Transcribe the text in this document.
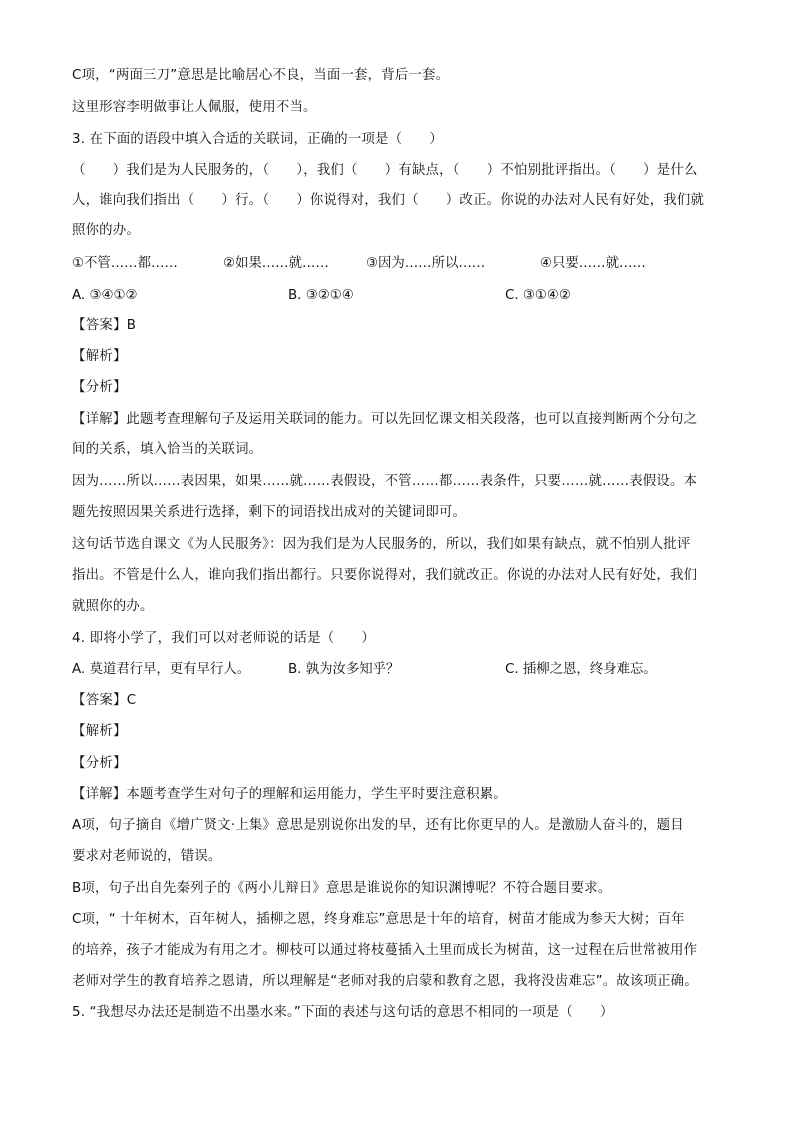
C项，“两面三刀”意思是比喻居心不良，当面一套，背后一套。
这里形容李明做事让人佩服，使用不当。
3. 在下面的语段中填入合适的关联词，正确的一项是（　　）
（　　）我们是为人民服务的，（　　），我们（　　）有缺点，（　　）不怕别批评指出。（　　）是什么
人，谁向我们指出（　　）行。（　　）你说得对，我们（　　）改正。你说的办法对人民有好处，我们就
照你的办。
①不管……都……	②如果……就……	③因为……所以……	④只要……就……
A. ③④①②	B. ③②①④	C. ③①④②
【答案】B
【解析】
【分析】
【详解】此题考查理解句子及运用关联词的能力。可以先回忆课文相关段落，也可以直接判断两个分句之
间的关系，填入恰当的关联词。
因为……所以……表因果，如果……就……表假设，不管……都……表条件，只要……就……表假设。本
题先按照因果关系进行选择，剩下的词语找出成对的关键词即可。
这句话节选自课文《为人民服务》：因为我们是为人民服务的，所以，我们如果有缺点，就不怕别人批评
指出。不管是什么人，谁向我们指出都行。只要你说得对，我们就改正。你说的办法对人民有好处，我们
就照你的办。
4. 即将小学了，我们可以对老师说的话是（　　）
A. 莫道君行早，更有早行人。	B. 孰为汝多知乎？	C. 插柳之恩，终身难忘。
【答案】C
【解析】
【分析】
【详解】本题考查学生对句子的理解和运用能力，学生平时要注意积累。
A项，句子摘自《增广贤文·上集》意思是别说你出发的早，还有比你更早的人。是激励人奋斗的，题目
要求对老师说的，错误。
B项，句子出自先秦列子的《两小儿辩日》意思是谁说你的知识渊博呢？不符合题目要求。
C项，“ 十年树木，百年树人，插柳之恩，终身难忘”意思是十年的培育，树苗才能成为参天大树；百年
的培养，孩子才能成为有用之才。柳枝可以通过将枝蔓插入土里而成长为树苗，这一过程在后世常被用作
老师对学生的教育培养之恩请，所以理解是“老师对我的启蒙和教育之恩，我将没齿难忘”。故该项正确。
5. “我想尽办法还是制造不出墨水来。”下面的表述与这句话的意思不相同的一项是（　　）
